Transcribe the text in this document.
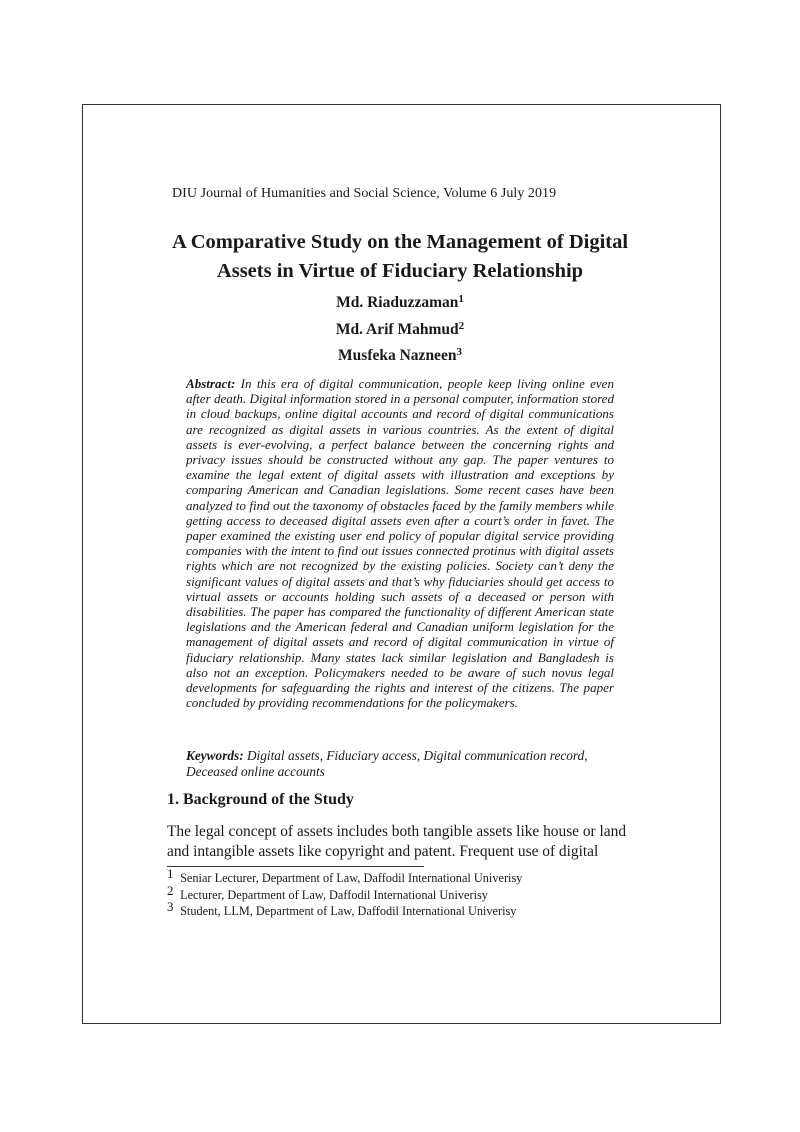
DIU Journal of Humanities and Social Science, Volume 6 July 2019
A Comparative Study on the Management of Digital
Assets in Virtue of Fiduciary Relationship
Md. Riaduzzaman$^1$
Md. Arif Mahmud$^2$
Musfeka Nazneen$^3$
Abstract: In this era of digital communication, people keep living online even after death. Digital information stored in a personal computer, information stored in cloud backups, online digital accounts and record of digital communications are recognized as digital assets in various countries. As the extent of digital assets is ever-evolving, a perfect balance between the concerning rights and privacy issues should be constructed without any gap. The paper ventures to examine the legal extent of digital assets with illustration and exceptions by comparing American and Canadian legislations. Some recent cases have been analyzed to find out the taxonomy of obstacles faced by the family members while getting access to deceased digital assets even after a court’s order in favet. The paper examined the existing user end policy of popular digital service providing companies with the intent to find out issues connected protinus with digital assets rights which are not recognized by the existing policies. Society can’t deny the significant values of digital assets and that’s why fiduciaries should get access to virtual assets or accounts holding such assets of a deceased or person with disabilities. The paper has compared the functionality of different American state legislations and the American federal and Canadian uniform legislation for the management of digital assets and record of digital communication in virtue of fiduciary relationship. Many states lack similar legislation and Bangladesh is also not an exception. Policymakers needed to be aware of such novus legal developments for safeguarding the rights and interest of the citizens. The paper concluded by providing recommendations for the policymakers.
Keywords: Digital assets, Fiduciary access, Digital communication record, Deceased online accounts
1. Background of the Study
The legal concept of assets includes both tangible assets like house or land and intangible assets like copyright and patent. Frequent use of digital
1 Seniar Lecturer, Department of Law, Daffodil International Univerisy
2 Lecturer, Department of Law, Daffodil International Univerisy
3 Student, LLM, Department of Law, Daffodil International Univerisy
